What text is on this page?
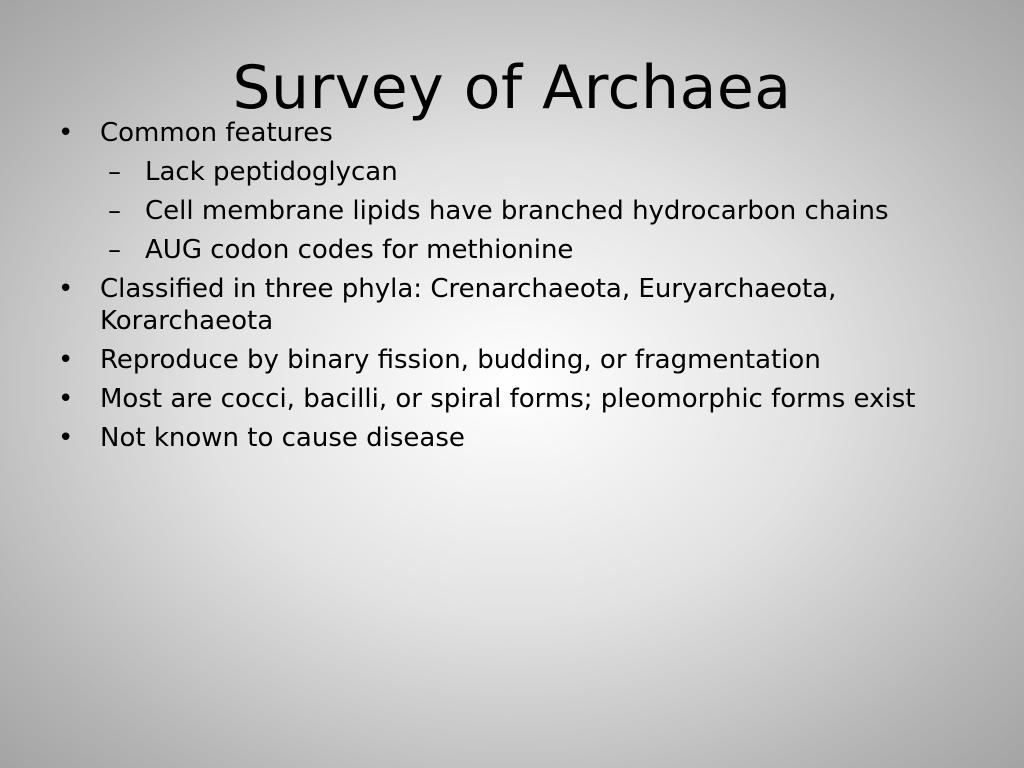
Survey of Archaea
• Common features
– Lack peptidoglycan
– Cell membrane lipids have branched hydrocarbon chains
– AUG codon codes for methionine
• Classified in three phyla: Crenarchaeota, Euryarchaeota, Korarchaeota
• Reproduce by binary fission, budding, or fragmentation
• Most are cocci, bacilli, or spiral forms; pleomorphic forms exist
• Not known to cause disease
